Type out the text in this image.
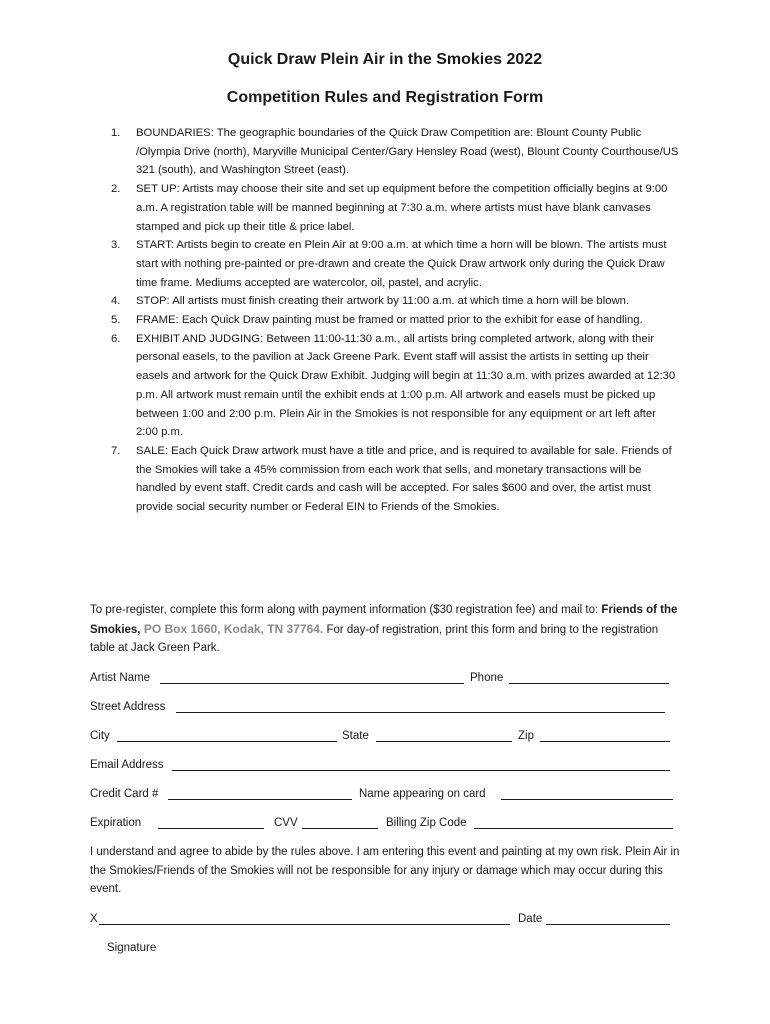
Quick Draw Plein Air in the Smokies 2022
Competition Rules and Registration Form
1. BOUNDARIES: The geographic boundaries of the Quick Draw Competition are: Blount County Public /Olympia Drive (north), Maryville Municipal Center/Gary Hensley Road (west), Blount County Courthouse/US 321 (south), and Washington Street (east).
2. SET UP: Artists may choose their site and set up equipment before the competition officially begins at 9:00 a.m. A registration table will be manned beginning at 7:30 a.m. where artists must have blank canvases stamped and pick up their title & price label.
3. START: Artists begin to create en Plein Air at 9:00 a.m. at which time a horn will be blown. The artists must start with nothing pre-painted or pre-drawn and create the Quick Draw artwork only during the Quick Draw time frame. Mediums accepted are watercolor, oil, pastel, and acrylic.
4. STOP: All artists must finish creating their artwork by 11:00 a.m. at which time a horn will be blown.
5. FRAME: Each Quick Draw painting must be framed or matted prior to the exhibit for ease of handling.
6. EXHIBIT AND JUDGING: Between 11:00-11:30 a.m., all artists bring completed artwork, along with their personal easels, to the pavilion at Jack Greene Park. Event staff will assist the artists in setting up their easels and artwork for the Quick Draw Exhibit. Judging will begin at 11:30 a.m. with prizes awarded at 12:30 p.m. All artwork must remain until the exhibit ends at 1:00 p.m. All artwork and easels must be picked up between 1:00 and 2:00 p.m. Plein Air in the Smokies is not responsible for any equipment or art left after 2:00 p.m.
7. SALE: Each Quick Draw artwork must have a title and price, and is required to available for sale. Friends of the Smokies will take a 45% commission from each work that sells, and monetary transactions will be handled by event staff. Credit cards and cash will be accepted. For sales $600 and over, the artist must provide social security number or Federal EIN to Friends of the Smokies.

To pre-register, complete this form along with payment information ($30 registration fee) and mail to: Friends of the Smokies, PO Box 1660, Kodak, TN 37764. For day-of registration, print this form and bring to the registration table at Jack Green Park.

Artist Name	Phone
Street Address
City	State	Zip
Email Address
Credit Card #	Name appearing on card
Expiration	CVV	Billing Zip Code

I understand and agree to abide by the rules above. I am entering this event and painting at my own risk. Plein Air in the Smokies/Friends of the Smokies will not be responsible for any injury or damage which may occur during this event.

X	Date
Signature
